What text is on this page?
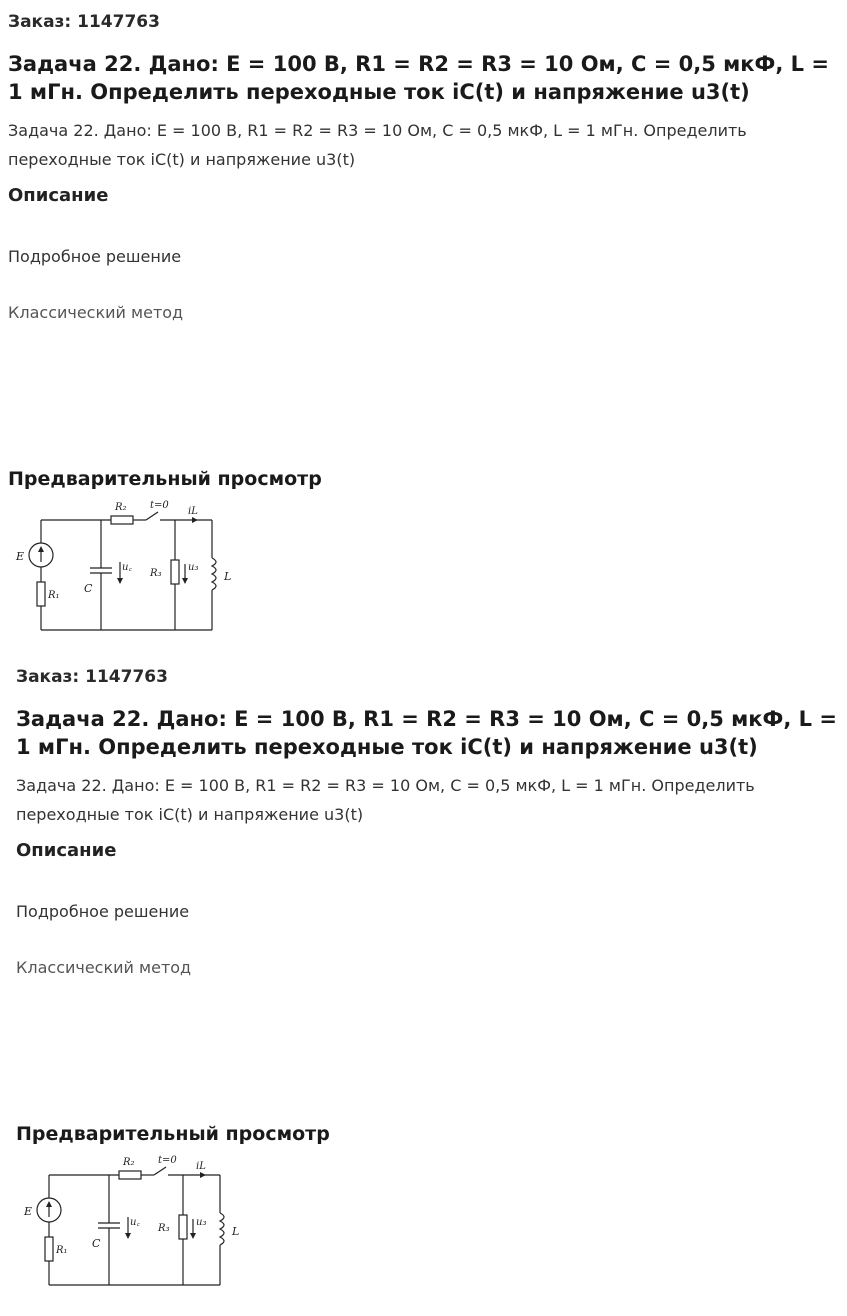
Заказ: 1147763
Задача 22. Дано: E = 100 В, R1 = R2 = R3 = 10 Ом, C = 0,5 мкФ, L = 1 мГн. Определить переходные ток iC(t) и напряжение u3(t)
Задача 22. Дано: E = 100 В, R1 = R2 = R3 = 10 Ом, C = 0,5 мкФ, L = 1 мГн. Определить переходные ток iC(t) и напряжение u3(t)
Описание
Подробное решение
Классический метод
Предварительный просмотр
E
R₁
R₂ t=0
iL
C
u꜀
R₃
u₃
L
Заказ: 1147763
Задача 22. Дано: E = 100 В, R1 = R2 = R3 = 10 Ом, C = 0,5 мкФ, L = 1 мГн. Определить переходные ток iC(t) и напряжение u3(t)
Задача 22. Дано: E = 100 В, R1 = R2 = R3 = 10 Ом, C = 0,5 мкФ, L = 1 мГн. Определить переходные ток iC(t) и напряжение u3(t)
Описание
Подробное решение
Классический метод
Предварительный просмотр
E
R₁
R₂ t=0
iL
C
u꜀
R₃
u₃
L
